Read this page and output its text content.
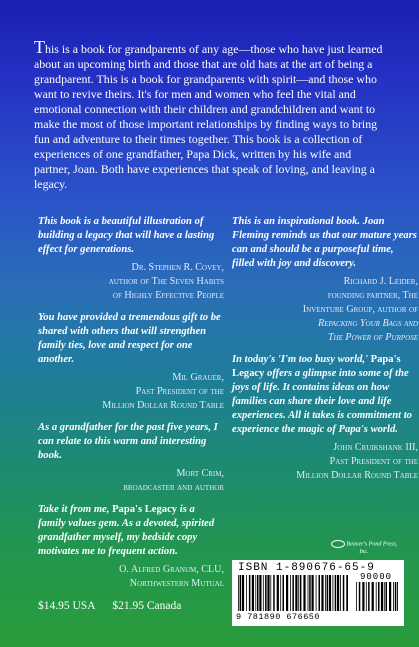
This is a book for grandparents of any age—those who have just learned about an upcoming birth and those that are old hats at the art of being a grandparent. This is a book for grandparents with spirit—and those who want to revive theirs. It's for men and women who feel the vital and emotional connection with their children and grandchildren and want to make the most of those important relationships by finding ways to bring fun and adventure to their times together. This book is a collection of experiences of one grandfather, Papa Dick, written by his wife and partner, Joan. Both have experiences that speak of loving, and leaving a legacy.

This book is a beautiful illustration of building a legacy that will have a lasting effect for generations.

Dr. Stephen R. Covey,
author of The Seven Habits
of Highly Effective People

You have provided a tremendous gift to be shared with others that will strengthen family ties, love and respect for one another.

Mil Grauer,
Past President of the
Million Dollar Round Table

As a grandfather for the past five years, I can relate to this warm and interesting book.

Mort Crim,
broadcaster and author

Take it from me, Papa's Legacy is a family values gem. As a devoted, spirited grandfather myself, my bedside copy motivates me to frequent action.

O. Alfred Granum, CLU,
Northwestern Mutual

This is an inspirational book. Joan Fleming reminds us that our mature years can and should be a purposeful time, filled with joy and discovery.

Richard J. Leider,
founding partner, The
Inventure Group, author of
Repacking Your Bags and
The Power of Purpose

In today's 'I'm too busy world,' Papa's Legacy offers a glimpse into some of the joys of life. It contains ideas on how families can share their love and life experiences. All it takes is commitment to experience the magic of Papa's world.

John Cruikshank III,
Past President of the
Million Dollar Round Table
Beaver's Pond Press, Inc.
$14.95 USA $21.95 Canada
ISBN 1-890676-65-9
90000
9 781890 676650
